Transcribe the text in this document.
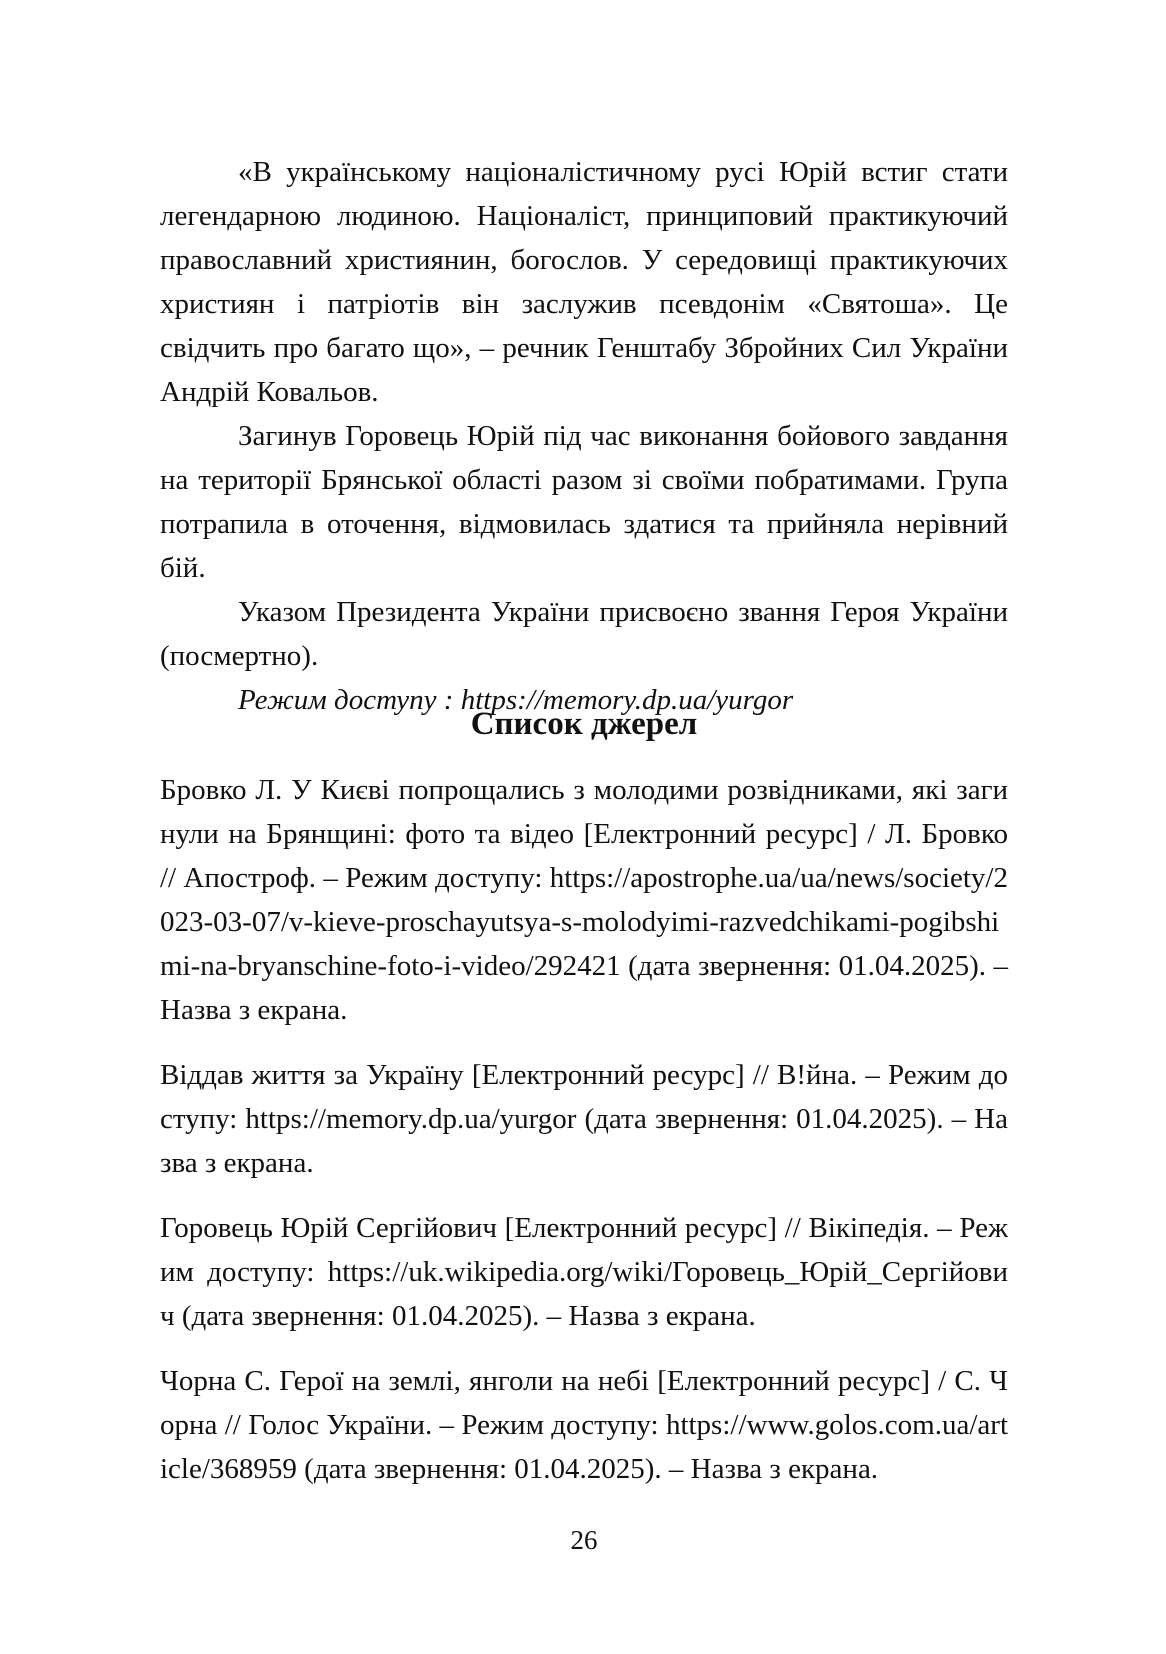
«В українському націоналістичному русі Юрій встиг стати легендарною людиною. Націоналіст, принциповий практикуючий православний християнин, богослов. У середовищі практикуючих християн і патріотів він заслужив псевдонім «Святоша». Це свідчить про багато що», – речник Генштабу Збройних Сил України Андрій Ковальов.

Загинув Горовець Юрій під час виконання бойового завдання на території Брянської області разом зі своїми побратимами. Група потрапила в оточення, відмовилась здатися та прийняла нерівний бій.

Указом Президента України присвоєно звання Героя України (посмертно).

Режим доступу : https://memory.dp.ua/yurgor

Список джерел
Бровко Л. У Києві попрощались з молодими розвідниками, які загинули на Брянщині: фото та відео [Електронний ресурс] / Л. Бровко // Апостроф. – Режим доступу: https://apostrophe.ua/ua/news/society/2023-03-07/v-kieve-proschayutsya-s-molodyimi-razvedchikami-pogibshimi-na-bryanschine-foto-i-video/292421 (дата звернення: 01.04.2025). – Назва з екрана.
Віддав життя за Україну [Електронний ресурс] // В!йна. – Режим доступу: https://memory.dp.ua/yurgor (дата звернення: 01.04.2025). – Назва з екрана.
Горовець Юрій Сергійович [Електронний ресурс] // Вікіпедія. – Режим доступу: https://uk.wikipedia.org/wiki/Горовець_Юрій_Сергійович (дата звернення: 01.04.2025). – Назва з екрана.
Чорна С. Герої на землі, янголи на небі [Електронний ресурс] / С. Чорна // Голос України. – Режим доступу: https://www.golos.com.ua/article/368959 (дата звернення: 01.04.2025). – Назва з екрана.
26
